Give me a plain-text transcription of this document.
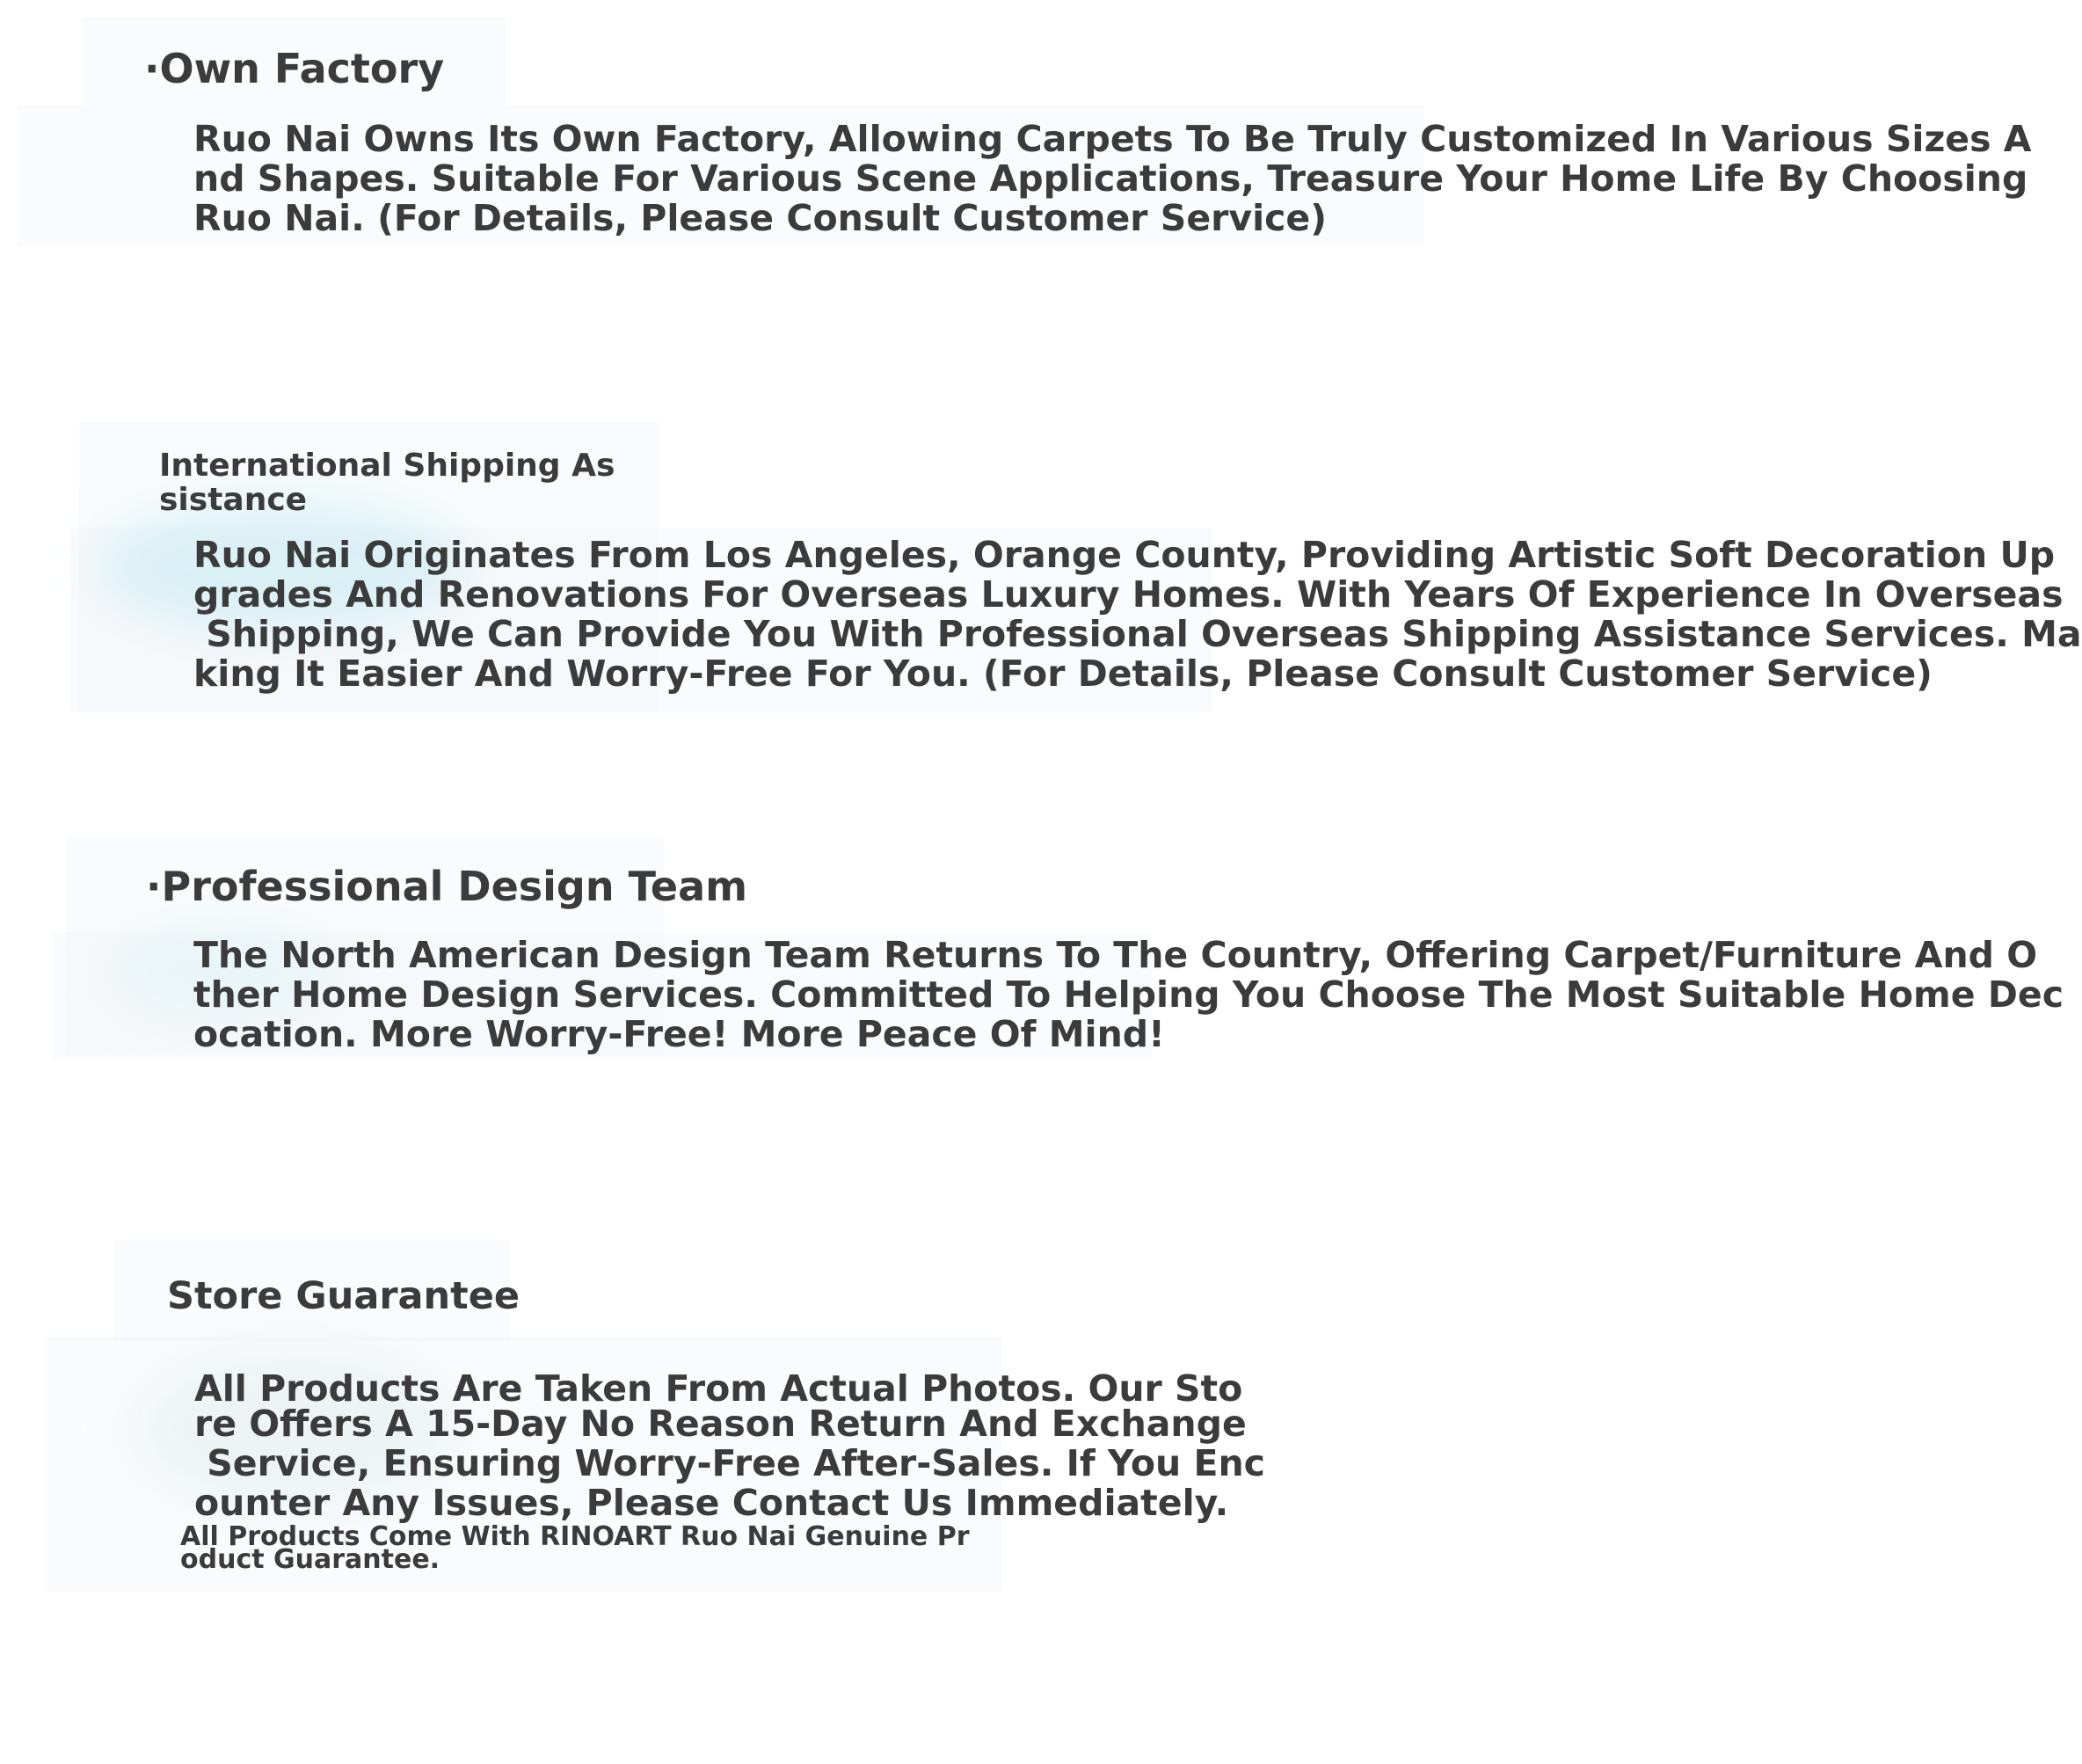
·Own Factory

Ruo Nai Owns Its Own Factory, Allowing Carpets To Be Truly Customized In Various Sizes A
nd Shapes. Suitable For Various Scene Applications, Treasure Your Home Life By Choosing
Ruo Nai. (For Details, Please Consult Customer Service)

International Shipping As
sistance

Ruo Nai Originates From Los Angeles, Orange County, Providing Artistic Soft Decoration Up
grades And Renovations For Overseas Luxury Homes. With Years Of Experience In Overseas
Shipping, We Can Provide You With Professional Overseas Shipping Assistance Services. Ma
king It Easier And Worry-Free For You. (For Details, Please Consult Customer Service)

·Professional Design Team

The North American Design Team Returns To The Country, Offering Carpet/Furniture And O
ther Home Design Services. Committed To Helping You Choose The Most Suitable Home Dec
ocation. More Worry-Free! More Peace Of Mind!

Store Guarantee

All Products Are Taken From Actual Photos. Our Sto
re Offers A 15-Day No Reason Return And Exchange
Service, Ensuring Worry-Free After-Sales. If You Enc
ounter Any Issues, Please Contact Us Immediately.

All Products Come With RINOART Ruo Nai Genuine Pr
oduct Guarantee.
